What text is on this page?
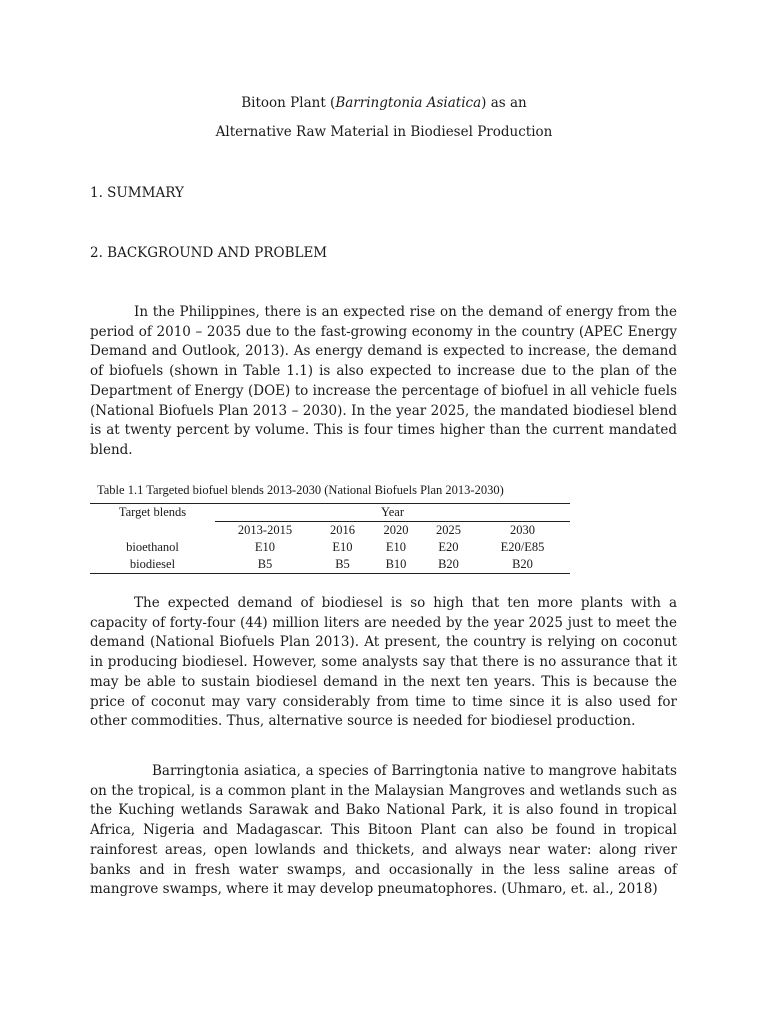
Bitoon Plant (Barringtonia Asiatica) as an
Alternative Raw Material in Biodiesel Production
1. SUMMARY
2. BACKGROUND AND PROBLEM

In the Philippines, there is an expected rise on the demand of energy from the period of 2010 – 2035 due to the fast-growing economy in the country (APEC Energy Demand and Outlook, 2013). As energy demand is expected to increase, the demand of biofuels (shown in Table 1.1) is also expected to increase due to the plan of the Department of Energy (DOE) to increase the percentage of biofuel in all vehicle fuels (National Biofuels Plan 2013 – 2030). In the year 2025, the mandated biodiesel blend is at twenty percent by volume. This is four times higher than the current mandated blend.

Table 1.1 Targeted biofuel blends 2013-2030 (National Biofuels Plan 2013-2030)
Target blends	Year				
	2013-2015	2016	2020	2025	2030
bioethanol	E10	E10	E10	E20	E20/E85
biodiesel	B5	B5	B10	B20	B20

The expected demand of biodiesel is so high that ten more plants with a capacity of forty-four (44) million liters are needed by the year 2025 just to meet the demand (National Biofuels Plan 2013). At present, the country is relying on coconut in producing biodiesel. However, some analysts say that there is no assurance that it may be able to sustain biodiesel demand in the next ten years. This is because the price of coconut may vary considerably from time to time since it is also used for other commodities. Thus, alternative source is needed for biodiesel production.

Barringtonia asiatica, a species of Barringtonia native to mangrove habitats on the tropical, is a common plant in the Malaysian Mangroves and wetlands such as the Kuching wetlands Sarawak and Bako National Park, it is also found in tropical Africa, Nigeria and Madagascar. This Bitoon Plant can also be found in tropical rainforest areas, open lowlands and thickets, and always near water: along river banks and in fresh water swamps, and occasionally in the less saline areas of mangrove swamps, where it may develop pneumatophores. (Uhmaro, et. al., 2018)
